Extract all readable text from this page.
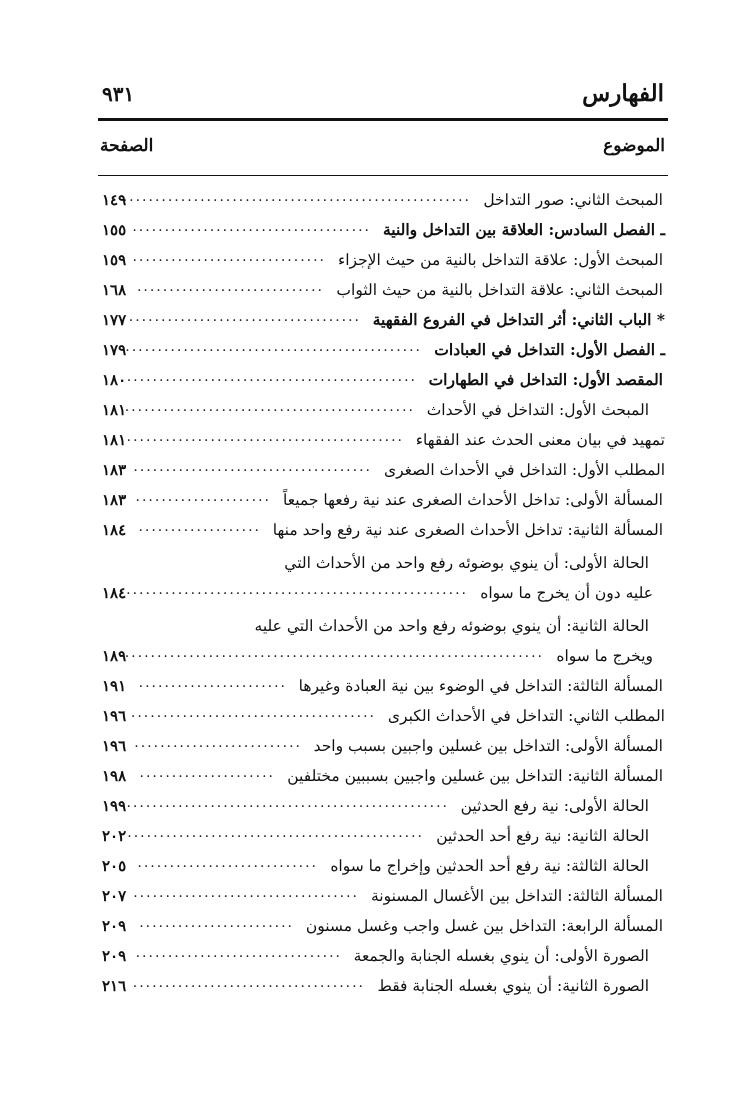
الفهارس
٩٣١
الموضوع
الصفحة
المبحث الثاني: صور التداخل
......................................................
١٤٩
ـ الفصل السادس: العلاقة بين التداخل والنية
.....................................
١٥٥
المبحث الأول: علاقة التداخل بالنية من حيث الإجزاء
..............................
١٥٩
المبحث الثاني: علاقة التداخل بالنية من حيث الثواب
.............................
١٦٨
* الباب الثاني: أثر التداخل في الفروع الفقهية
....................................
١٧٧
ـ الفصل الأول: التداخل في العبادات
..............................................
١٧٩
المقصد الأول: التداخل في الطهارات
.............................................
١٨٠
المبحث الأول: التداخل في الأحداث
.............................................
١٨١
تمهيد في بيان معنى الحدث عند الفقهاء
...........................................
١٨١
المطلب الأول: التداخل في الأحداث الصغرى
.....................................
١٨٣
المسألة الأولى: تداخل الأحداث الصغرى عند نية رفعها جميعاً
.....................
١٨٣
المسألة الثانية: تداخل الأحداث الصغرى عند نية رفع واحد منها
...................
١٨٤
الحالة الأولى: أن ينوي بوضوئه رفع واحد من الأحداث التي
عليه دون أن يخرج ما سواه
.....................................................
١٨٤
الحالة الثانية: أن ينوي بوضوئه رفع واحد من الأحداث التي عليه
ويخرج ما سواه
..................................................................
١٨٩
المسألة الثالثة: التداخل في الوضوء بين نية العبادة وغيرها
.......................
١٩١
المطلب الثاني: التداخل في الأحداث الكبرى
......................................
١٩٦
المسألة الأولى: التداخل بين غسلين واجبين بسبب واحد
..........................
١٩٦
المسألة الثانية: التداخل بين غسلين واجبين بسببين مختلفين
.....................
١٩٨
الحالة الأولى: نية رفع الحدثين
..................................................
١٩٩
الحالة الثانية: نية رفع أحد الحدثين
..............................................
٢٠٢
الحالة الثالثة: نية رفع أحد الحدثين وإخراج ما سواه
............................
٢٠٥
المسألة الثالثة: التداخل بين الأغسال المسنونة
...................................
٢٠٧
المسألة الرابعة: التداخل بين غسل واجب وغسل مسنون
........................
٢٠٩
الصورة الأولى: أن ينوي بغسله الجنابة والجمعة
................................
٢٠٩
الصورة الثانية: أن ينوي بغسله الجنابة فقط
....................................
٢١٦
